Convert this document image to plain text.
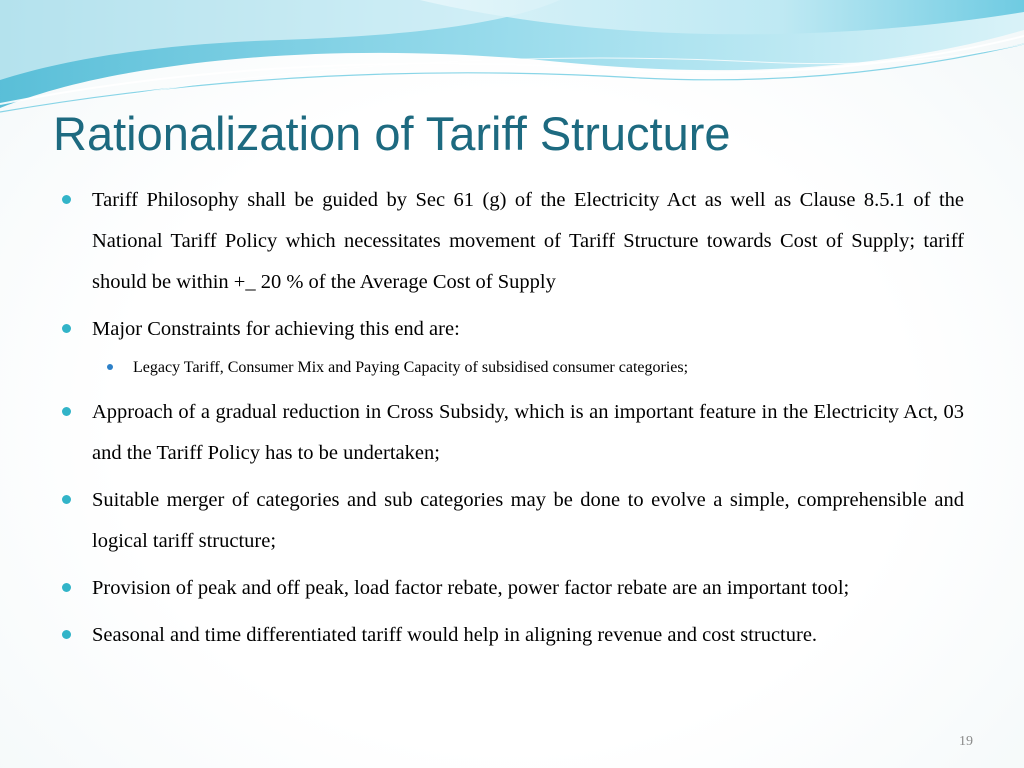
Rationalization of Tariff Structure
Tariff Philosophy shall be guided by Sec 61 (g) of the Electricity Act as well as Clause 8.5.1 of the National Tariff Policy which necessitates movement of Tariff Structure towards Cost of Supply; tariff should be within +_ 20 % of the Average Cost of Supply
Major Constraints for achieving this end are:
Legacy Tariff, Consumer Mix and Paying Capacity of subsidised consumer categories;
Approach of a gradual reduction in Cross Subsidy, which is an important feature in the Electricity Act, 03 and the Tariff Policy has to be undertaken;
Suitable merger of categories and sub categories may be done to evolve a simple, comprehensible and logical tariff structure;
Provision of peak and off peak, load factor rebate, power factor rebate are an important tool;
Seasonal and time differentiated tariff would help in aligning revenue and cost structure.
19
